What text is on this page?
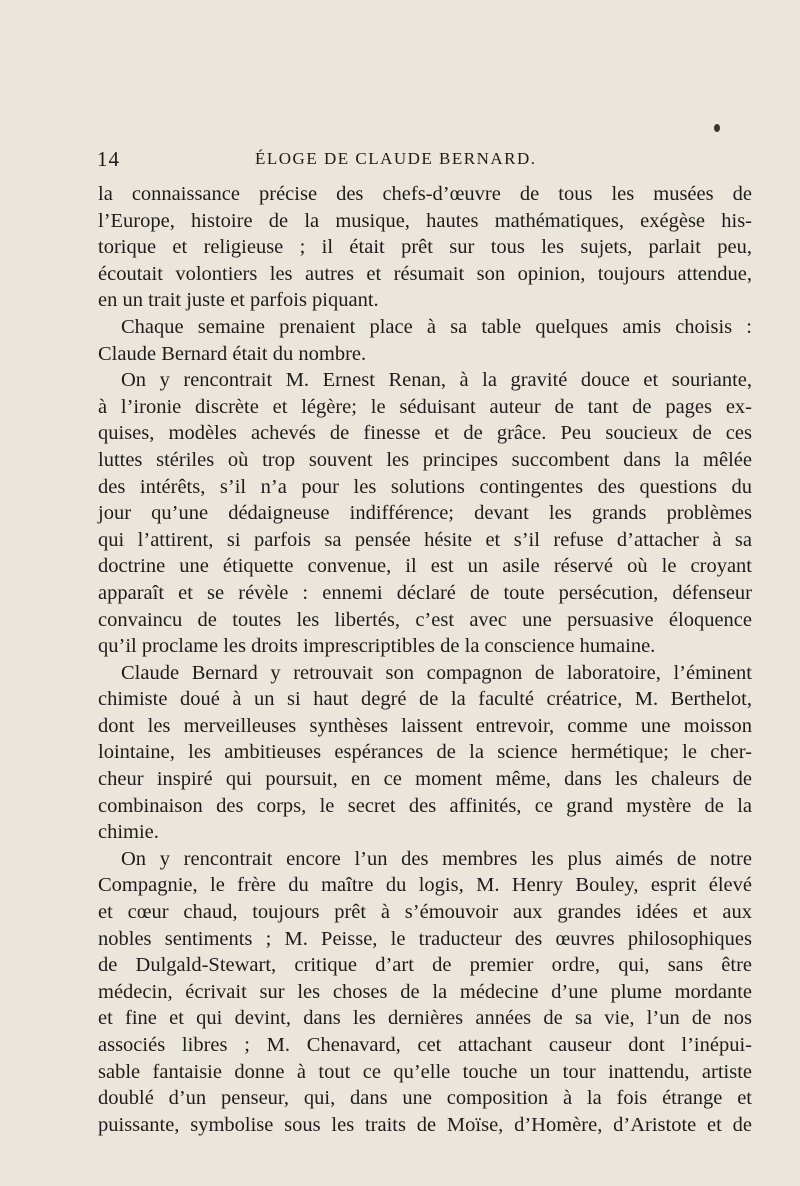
14	ÉLOGE DE CLAUDE BERNARD.
la connaissance précise des chefs-d’œuvre de tous les musées de
l’Europe, histoire de la musique, hautes mathématiques, exégèse his-
torique et religieuse ; il était prêt sur tous les sujets, parlait peu,
écoutait volontiers les autres et résumait son opinion, toujours attendue,
en un trait juste et parfois piquant.
Chaque semaine prenaient place à sa table quelques amis choisis :
Claude Bernard était du nombre.
On y rencontrait M. Ernest Renan, à la gravité douce et souriante,
à l’ironie discrète et légère; le séduisant auteur de tant de pages ex-
quises, modèles achevés de finesse et de grâce. Peu soucieux de ces
luttes stériles où trop souvent les principes succombent dans la mêlée
des intérêts, s’il n’a pour les solutions contingentes des questions du
jour qu’une dédaigneuse indifférence; devant les grands problèmes
qui l’attirent, si parfois sa pensée hésite et s’il refuse d’attacher à sa
doctrine une étiquette convenue, il est un asile réservé où le croyant
apparaît et se révèle : ennemi déclaré de toute persécution, défenseur
convaincu de toutes les libertés, c’est avec une persuasive éloquence
qu’il proclame les droits imprescriptibles de la conscience humaine.
Claude Bernard y retrouvait son compagnon de laboratoire, l’éminent
chimiste doué à un si haut degré de la faculté créatrice, M. Berthelot,
dont les merveilleuses synthèses laissent entrevoir, comme une moisson
lointaine, les ambitieuses espérances de la science hermétique; le cher-
cheur inspiré qui poursuit, en ce moment même, dans les chaleurs de
combinaison des corps, le secret des affinités, ce grand mystère de la
chimie.
On y rencontrait encore l’un des membres les plus aimés de notre
Compagnie, le frère du maître du logis, M. Henry Bouley, esprit élevé
et cœur chaud, toujours prêt à s’émouvoir aux grandes idées et aux
nobles sentiments ; M. Peisse, le traducteur des œuvres philosophiques
de Dulgald-Stewart, critique d’art de premier ordre, qui, sans être
médecin, écrivait sur les choses de la médecine d’une plume mordante
et fine et qui devint, dans les dernières années de sa vie, l’un de nos
associés libres ; M. Chenavard, cet attachant causeur dont l’inépui-
sable fantaisie donne à tout ce qu’elle touche un tour inattendu, artiste
doublé d’un penseur, qui, dans une composition à la fois étrange et
puissante, symbolise sous les traits de Moïse, d’Homère, d’Aristote et de
